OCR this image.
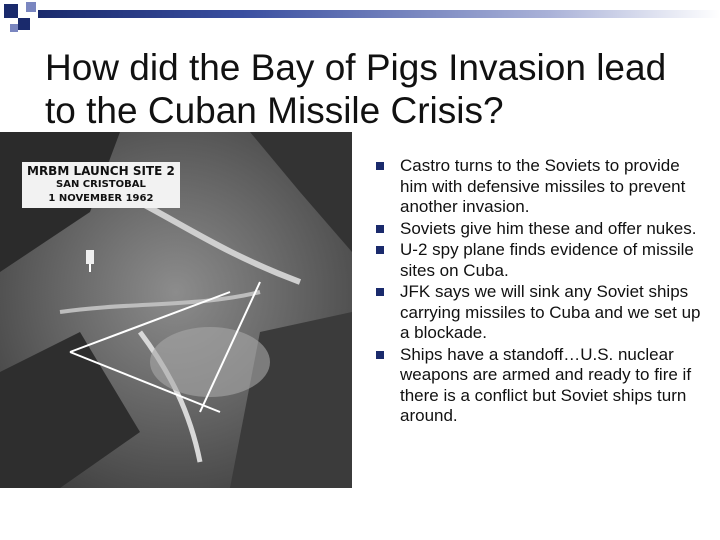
How did the Bay of Pigs Invasion lead to the Cuban Missile Crisis?
MRBM LAUNCH SITE 2
SAN CRISTOBAL
1 NOVEMBER 1962
Castro turns to the Soviets to provide him with defensive missiles to prevent another invasion.
Soviets give him these and offer nukes.
U-2 spy plane finds evidence of missile sites on Cuba.
JFK says we will sink any Soviet ships carrying missiles to Cuba and we set up a blockade.
Ships have a standoff…U.S. nuclear weapons are armed and ready to fire if there is a conflict but Soviet ships turn around.
